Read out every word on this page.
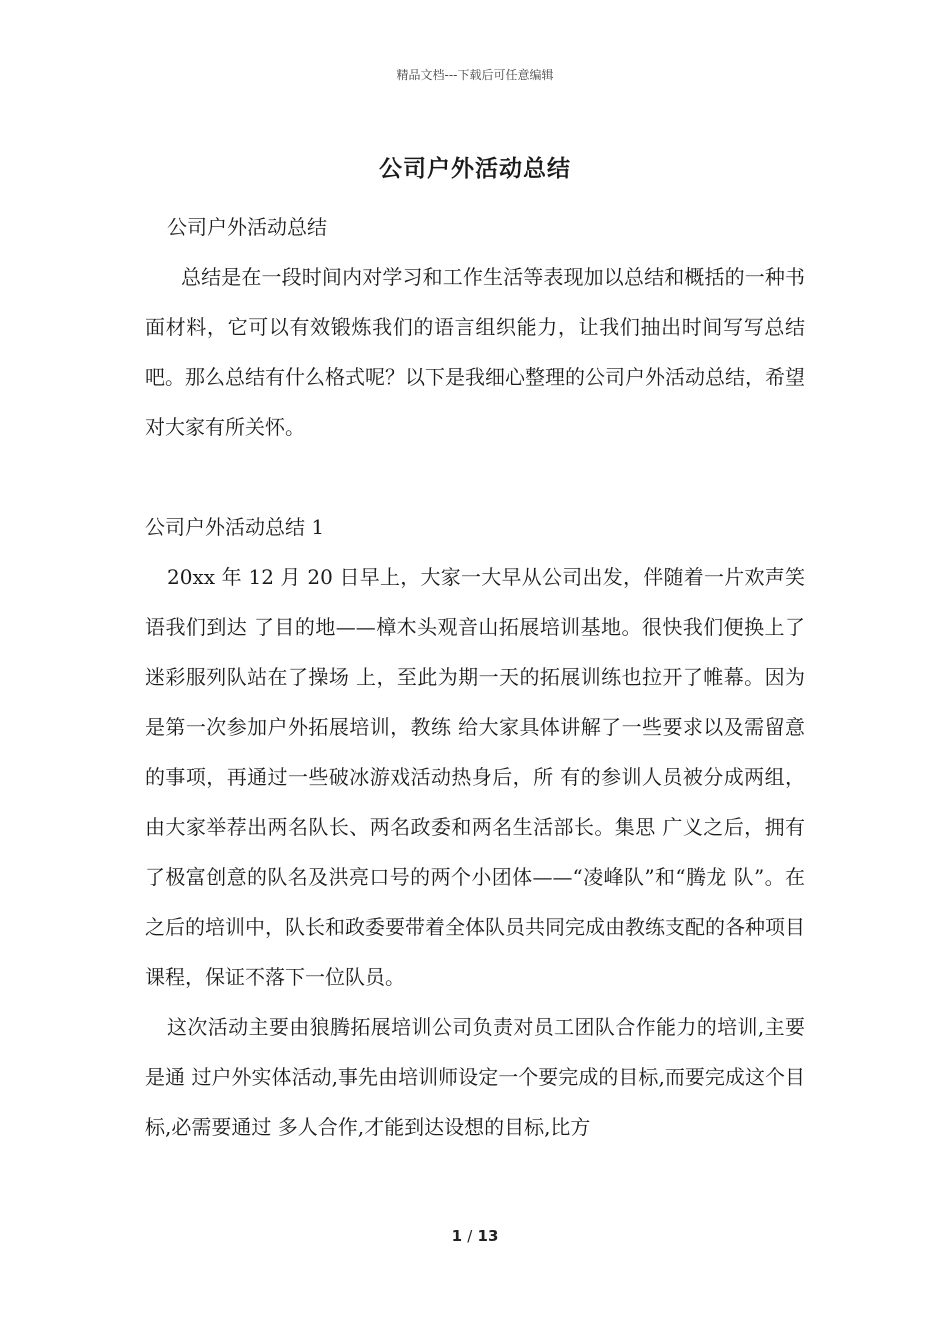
精品文档---下载后可任意编辑
公司户外活动总结

公司户外活动总结

总结是在一段时间内对学习和工作生活等表现加以总结和概括的一种书面材料，它可以有效锻炼我们的语言组织能力，让我们抽出时间写写总结吧。那么总结有什么格式呢？以下是我细心整理的公司户外活动总结，希望对大家有所关怀。

公司户外活动总结 1

20xx 年 12 月 20 日早上，大家一大早从公司出发，伴随着一片欢声笑语我们到达 了目的地——樟木头观音山拓展培训基地。很快我们便换上了迷彩服列队站在了操场 上，至此为期一天的拓展训练也拉开了帷幕。因为是第一次参加户外拓展培训，教练 给大家具体讲解了一些要求以及需留意的事项，再通过一些破冰游戏活动热身后，所 有的参训人员被分成两组，由大家举荐出两名队长、两名政委和两名生活部长。集思 广义之后，拥有了极富创意的队名及洪亮口号的两个小团体——“凌峰队”和“腾龙 队”。在之后的培训中，队长和政委要带着全体队员共同完成由教练支配的各种项目 课程，保证不落下一位队员。

这次活动主要由狼腾拓展培训公司负责对员工团队合作能力的培训,主要是通 过户外实体活动,事先由培训师设定一个要完成的目标,而要完成这个目标,必需要通过 多人合作,才能到达设想的目标,比方

1 / 13
